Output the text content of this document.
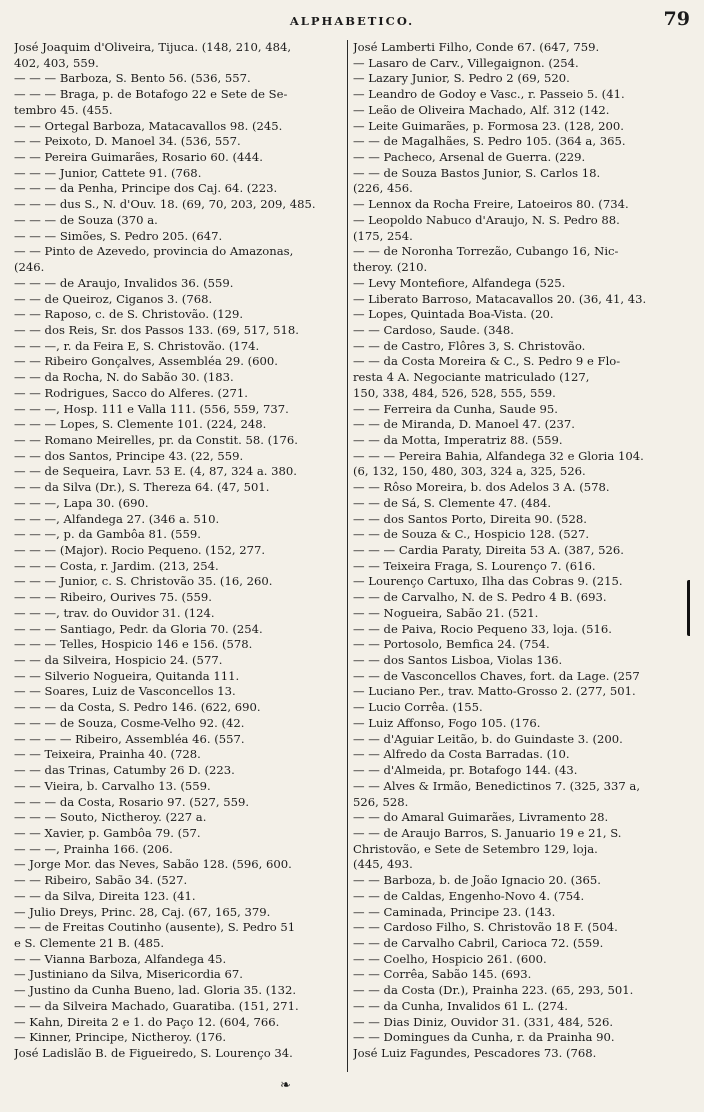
ALPHABETICO.	79
José Joaquim d'Oliveira, Tijuca. (148, 210, 484,
402, 403, 559.
— — — Barboza, S. Bento 56. (536, 557.
— — — Braga, p. de Botafogo 22 e Sete de Se-
tembro 45. (455.
— — Ortegal Barboza, Matacavallos 98. (245.
— — Peixoto, D. Manoel 34. (536, 557.
— — Pereira Guimarães, Rosario 60. (444.
— — — Junior, Cattete 91. (768.
— — — da Penha, Principe dos Caj. 64. (223.
— — — dus S., N. d'Ouv. 18. (69, 70, 203, 209, 485.
— — — de Souza (370 a.
— — — Simões, S. Pedro 205. (647.
— — Pinto de Azevedo, provincia do Amazonas,
(246.
— — — de Araujo, Invalidos 36. (559.
— — de Queiroz, Ciganos 3. (768.
— — Raposo, c. de S. Christovão. (129.
— — dos Reis, Sr. dos Passos 133. (69, 517, 518.
— — —, r. da Feira E, S. Christovão. (174.
— — Ribeiro Gonçalves, Assembléa 29. (600.
— — da Rocha, N. do Sabão 30. (183.
— — Rodrigues, Sacco do Alferes. (271.
— — —, Hosp. 111 e Valla 111. (556, 559, 737.
— — — Lopes, S. Clemente 101. (224, 248.
— — Romano Meirelles, pr. da Constit. 58. (176.
— — dos Santos, Principe 43. (22, 559.
— — de Sequeira, Lavr. 53 E. (4, 87, 324 a. 380.
— — da Silva (Dr.), S. Thereza 64. (47, 501.
— — —, Lapa 30. (690.
— — —, Alfandega 27. (346 a. 510.
— — —, p. da Gambôa 81. (559.
— — — (Major). Rocio Pequeno. (152, 277.
— — — Costa, r. Jardim. (213, 254.
— — — Junior, c. S. Christovão 35. (16, 260.
— — — Ribeiro, Ourives 75. (559.
— — —, trav. do Ouvidor 31. (124.
— — — Santiago, Pedr. da Gloria 70. (254.
— — — Telles, Hospicio 146 e 156. (578.
— — da Silveira, Hospicio 24. (577.
— — Silverio Nogueira, Quitanda 111.
— — Soares, Luiz de Vasconcellos 13.
— — — da Costa, S. Pedro 146. (622, 690.
— — — de Souza, Cosme-Velho 92. (42.
— — — — Ribeiro, Assembléa 46. (557.
— — Teixeira, Prainha 40. (728.
— — das Trinas, Catumby 26 D. (223.
— — Vieira, b. Carvalho 13. (559.
— — — da Costa, Rosario 97. (527, 559.
— — — Souto, Nictheroy. (227 a.
— — Xavier, p. Gambôa 79. (57.
— — —, Prainha 166. (206.
— Jorge Mor. das Neves, Sabão 128. (596, 600.
— — Ribeiro, Sabão 34. (527.
— — da Silva, Direita 123. (41.
— Julio Dreys, Princ. 28, Caj. (67, 165, 379.
— — de Freitas Coutinho (ausente), S. Pedro 51
e S. Clemente 21 B. (485.
— — Vianna Barboza, Alfandega 45.
— Justiniano da Silva, Misericordia 67.
— Justino da Cunha Bueno, lad. Gloria 35. (132.
— — da Silveira Machado, Guaratiba. (151, 271.
— Kahn, Direita 2 e 1. do Paço 12. (604, 766.
— Kinner, Principe, Nictheroy. (176.
José Ladislão B. de Figueiredo, S. Lourenço 34.
José Lamberti Filho, Conde 67. (647, 759.
— Lasaro de Carv., Villegaignon. (254.
— Lazary Junior, S. Pedro 2 (69, 520.
— Leandro de Godoy e Vasc., r. Passeio 5. (41.
— Leão de Oliveira Machado, Alf. 312 (142.
— Leite Guimarães, p. Formosa 23. (128, 200.
— — de Magalhães, S. Pedro 105. (364 a, 365.
— — Pacheco, Arsenal de Guerra. (229.
— — de Souza Bastos Junior, S. Carlos 18.
(226, 456.
— Lennox da Rocha Freire, Latoeiros 80. (734.
— Leopoldo Nabuco d'Araujo, N. S. Pedro 88.
(175, 254.
— — de Noronha Torrezão, Cubango 16, Nic-
theroy. (210.
— Levy Montefiore, Alfandega (525.
— Liberato Barroso, Matacavallos 20. (36, 41, 43.
— Lopes, Quintada Boa-Vista. (20.
— — Cardoso, Saude. (348.
— — de Castro, Flôres 3, S. Christovão.
— — da Costa Moreira & C., S. Pedro 9 e Flo-
resta 4 A. Negociante matriculado (127,
150, 338, 484, 526, 528, 555, 559.
— — Ferreira da Cunha, Saude 95.
— — de Miranda, D. Manoel 47. (237.
— — da Motta, Imperatriz 88. (559.
— — — Pereira Bahia, Alfandega 32 e Gloria 104.
(6, 132, 150, 480, 303, 324 a, 325, 526.
— — Rôso Moreira, b. dos Adelos 3 A. (578.
— — de Sá, S. Clemente 47. (484.
— — dos Santos Porto, Direita 90. (528.
— — de Souza & C., Hospicio 128. (527.
— — — Cardia Paraty, Direita 53 A. (387, 526.
— — Teixeira Fraga, S. Lourenço 7. (616.
— Lourenço Cartuxo, Ilha das Cobras 9. (215.
— — de Carvalho, N. de S. Pedro 4 B. (693.
— — Nogueira, Sabão 21. (521.
— — de Paiva, Rocio Pequeno 33, loja. (516.
— — Portosolo, Bemfica 24. (754.
— — dos Santos Lisboa, Violas 136.
— — de Vasconcellos Chaves, fort. da Lage. (257
— Luciano Per., trav. Matto-Grosso 2. (277, 501.
— Lucio Corrêa. (155.
— Luiz Affonso, Fogo 105. (176.
— — d'Aguiar Leitão, b. do Guindaste 3. (200.
— — Alfredo da Costa Barradas. (10.
— — d'Almeida, pr. Botafogo 144. (43.
— — Alves & Irmão, Benedictinos 7. (325, 337 a,
526, 528.
— — do Amaral Guimarães, Livramento 28.
— — de Araujo Barros, S. Januario 19 e 21, S.
Christovão, e Sete de Setembro 129, loja.
(445, 493.
— — Barboza, b. de João Ignacio 20. (365.
— — de Caldas, Engenho-Novo 4. (754.
— — Caminada, Principe 23. (143.
— — Cardoso Filho, S. Christovão 18 F. (504.
— — de Carvalho Cabril, Carioca 72. (559.
— — Coelho, Hospicio 261. (600.
— — Corrêa, Sabão 145. (693.
— — da Costa (Dr.), Prainha 223. (65, 293, 501.
— — da Cunha, Invalidos 61 L. (274.
— — Dias Diniz, Ouvidor 31. (331, 484, 526.
— — Domingues da Cunha, r. da Prainha 90.
José Luiz Fagundes, Pescadores 73. (768.
❧
